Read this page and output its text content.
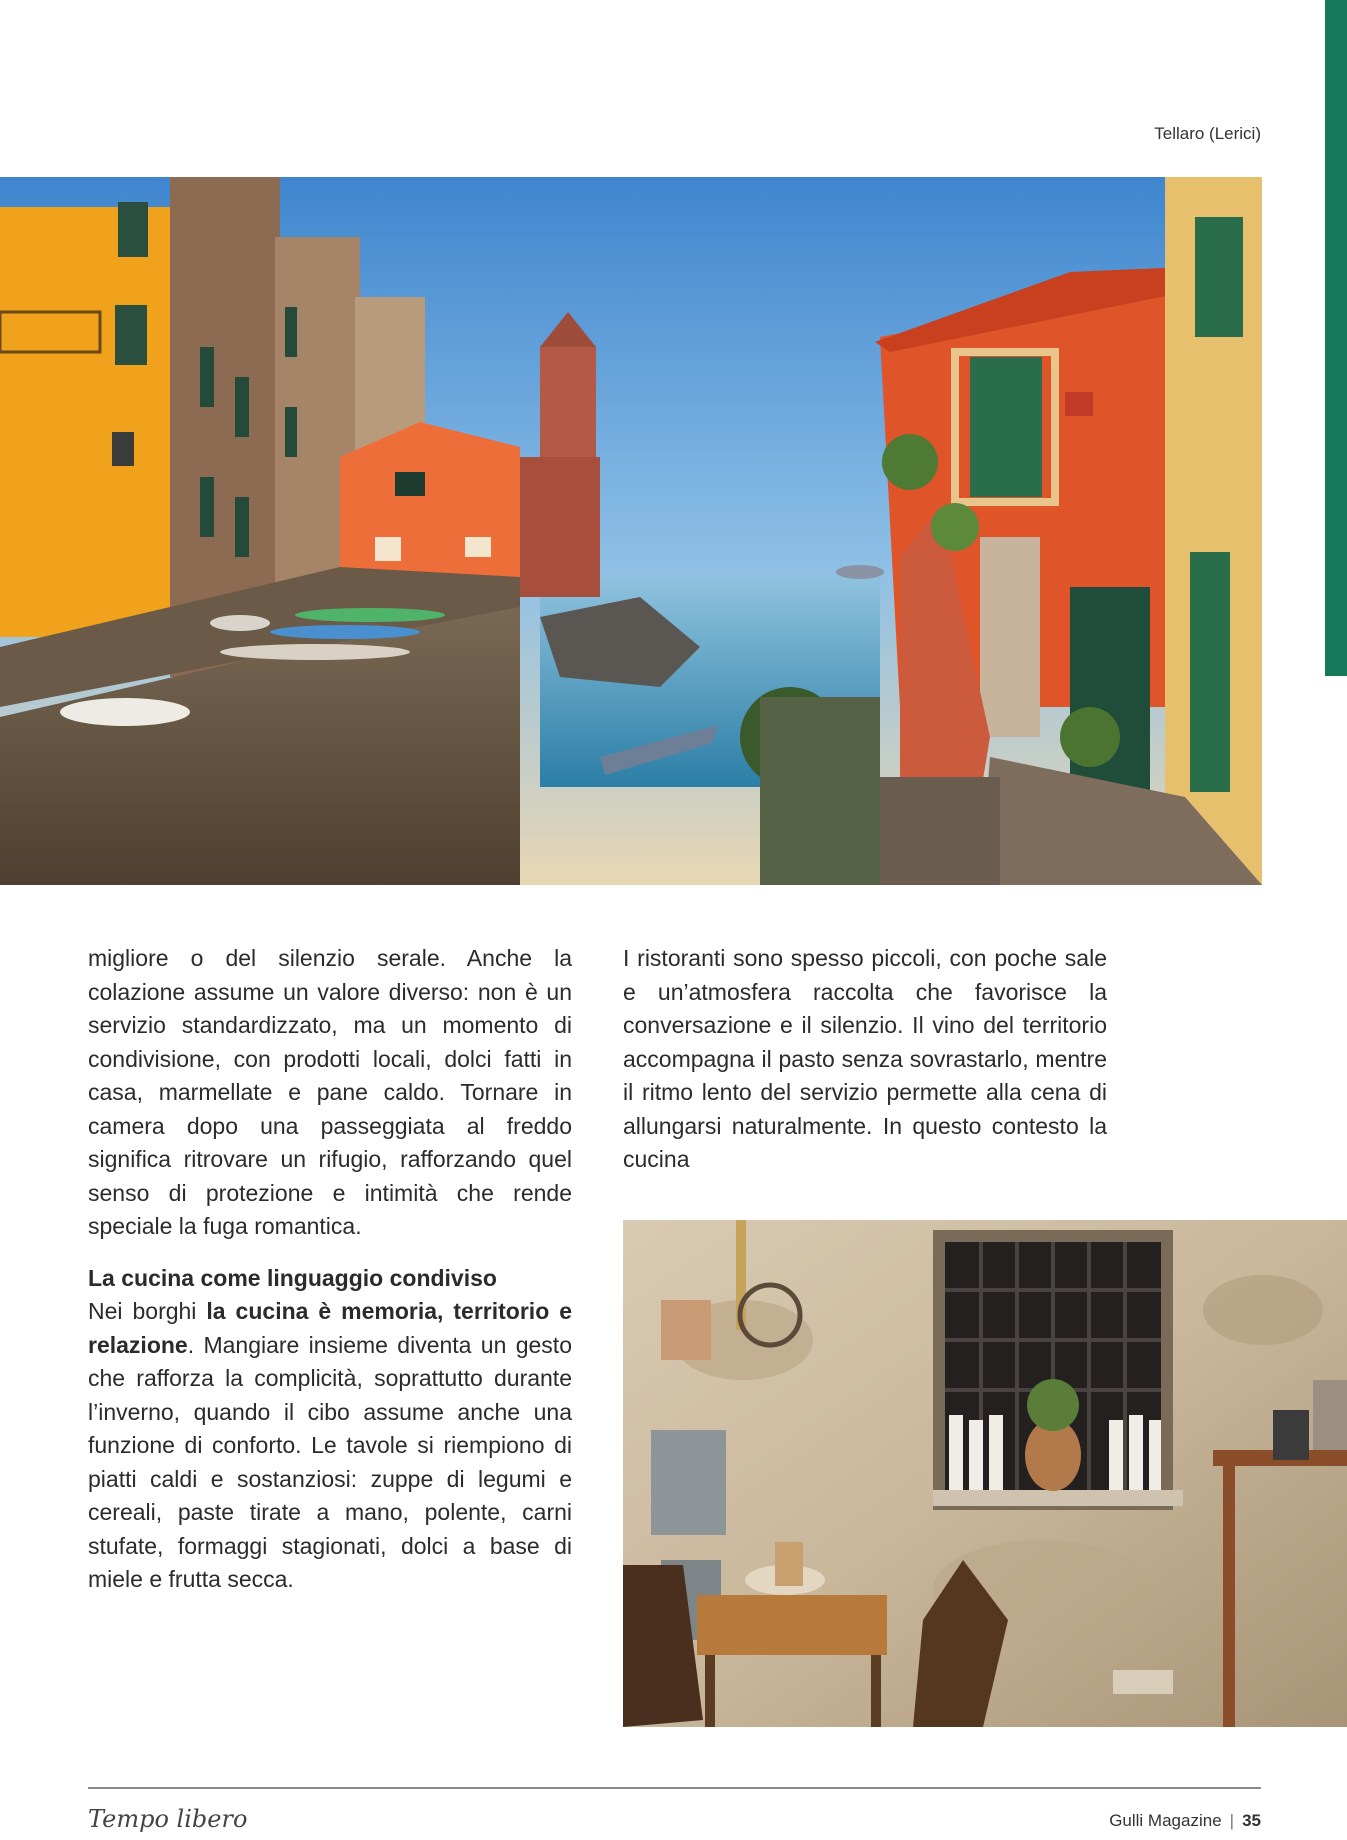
Tellaro (Lerici)

migliore o del silenzio serale. Anche la colazione assume un valore diverso: non è un servizio standardizzato, ma un momento di condivisione, con prodotti locali, dolci fatti in casa, marmellate e pane caldo. Tornare in camera dopo una passeggiata al freddo significa ritrovare un rifugio, rafforzando quel senso di protezione e intimità che rende speciale la fuga romantica.

La cucina come linguaggio condiviso

Nei borghi la cucina è memoria, territorio e relazione. Mangiare insieme diventa un gesto che rafforza la complicità, soprattutto durante l’inverno, quando il cibo assume anche una funzione di conforto. Le tavole si riempiono di piatti caldi e sostanziosi: zuppe di legumi e cereali, paste tirate a mano, polente, carni stufate, formaggi stagionati, dolci a base di miele e frutta secca.

I ristoranti sono spesso piccoli, con poche sale e un’atmosfera raccolta che favorisce la conversazione e il silenzio. Il vino del territorio accompagna il pasto senza sovrastarlo, mentre il ritmo lento del servizio permette alla cena di allungarsi naturalmente. In questo contesto la cucina

Tempo libero	Gulli Magazine | 35
